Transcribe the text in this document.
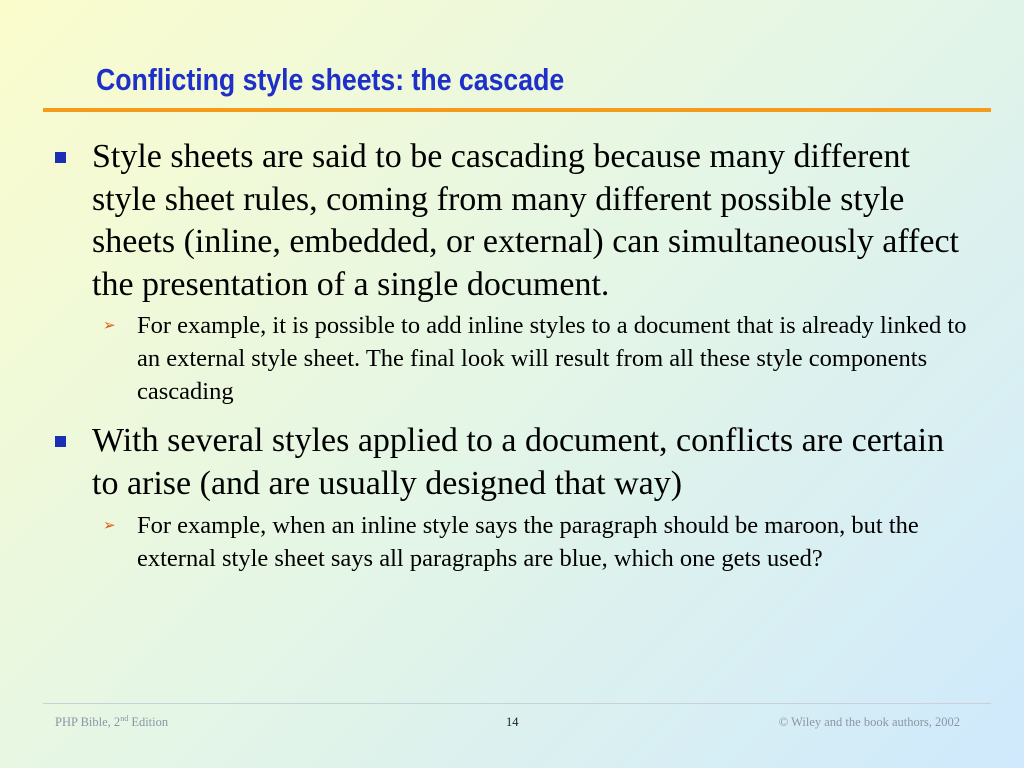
Conflicting style sheets: the cascade
Style sheets are said to be cascading because many different style sheet rules, coming from many different possible style sheets (inline, embedded, or external) can simultaneously affect the presentation of a single document.
➢ For example, it is possible to add inline styles to a document that is already linked to an external style sheet. The final look will result from all these style components cascading
With several styles applied to a document, conflicts are certain to arise (and are usually designed that way)
➢ For example, when an inline style says the paragraph should be maroon, but the external style sheet says all paragraphs are blue, which one gets used?
PHP Bible, 2nd Edition	14	© Wiley and the book authors, 2002
